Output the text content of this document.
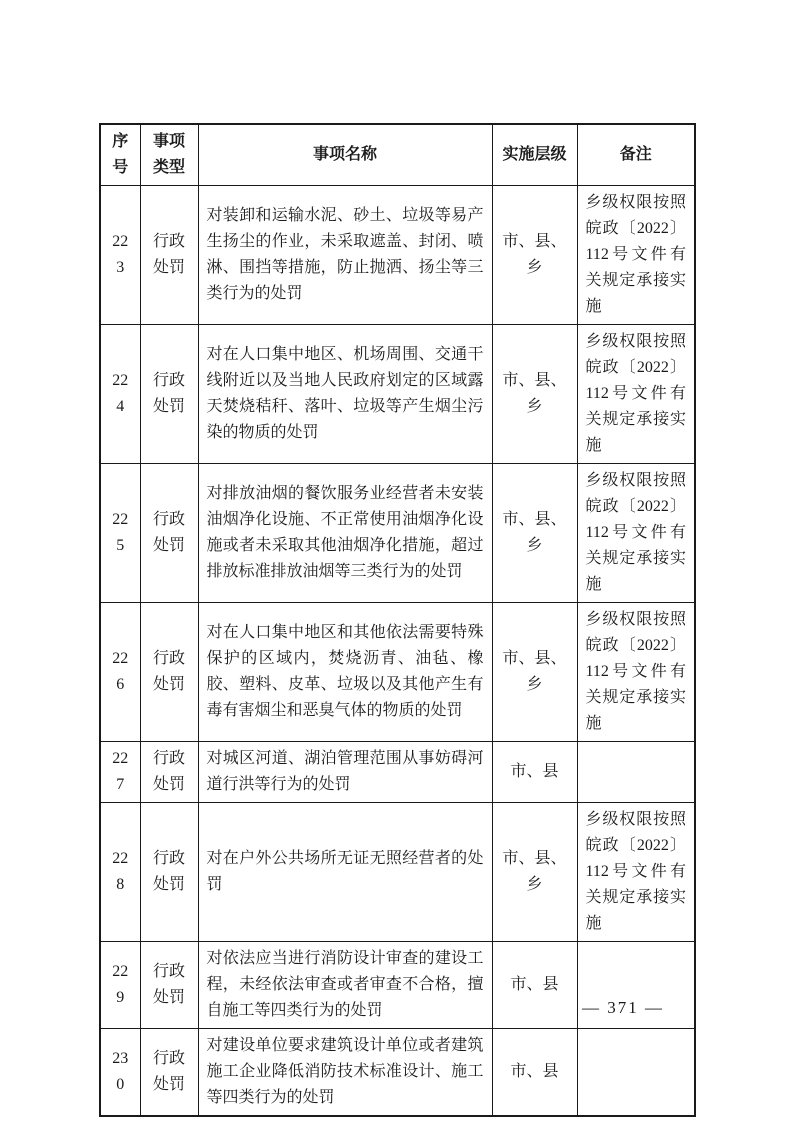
序号	事项类型	事项名称	实施层级	备注
223	行政处罚	对装卸和运输水泥、砂土、垃圾等易产生扬尘的作业，未采取遮盖、封闭、喷淋、围挡等措施，防止抛洒、扬尘等三类行为的处罚	市、县、乡	乡级权限按照皖政〔2022〕112号文件有关规定承接实施
224	行政处罚	对在人口集中地区、机场周围、交通干线附近以及当地人民政府划定的区域露天焚烧秸秆、落叶、垃圾等产生烟尘污染的物质的处罚	市、县、乡	乡级权限按照皖政〔2022〕112号文件有关规定承接实施
225	行政处罚	对排放油烟的餐饮服务业经营者未安装油烟净化设施、不正常使用油烟净化设施或者未采取其他油烟净化措施，超过排放标准排放油烟等三类行为的处罚	市、县、乡	乡级权限按照皖政〔2022〕112号文件有关规定承接实施
226	行政处罚	对在人口集中地区和其他依法需要特殊保护的区域内，焚烧沥青、油毡、橡胶、塑料、皮革、垃圾以及其他产生有毒有害烟尘和恶臭气体的物质的处罚	市、县、乡	乡级权限按照皖政〔2022〕112号文件有关规定承接实施
227	行政处罚	对城区河道、湖泊管理范围从事妨碍河道行洪等行为的处罚	市、县	
228	行政处罚	对在户外公共场所无证无照经营者的处罚	市、县、乡	乡级权限按照皖政〔2022〕112号文件有关规定承接实施
229	行政处罚	对依法应当进行消防设计审查的建设工程，未经依法审查或者审查不合格，擅自施工等四类行为的处罚	市、县	
230	行政处罚	对建设单位要求建筑设计单位或者建筑施工企业降低消防技术标准设计、施工等四类行为的处罚	市、县	
— 371 —
